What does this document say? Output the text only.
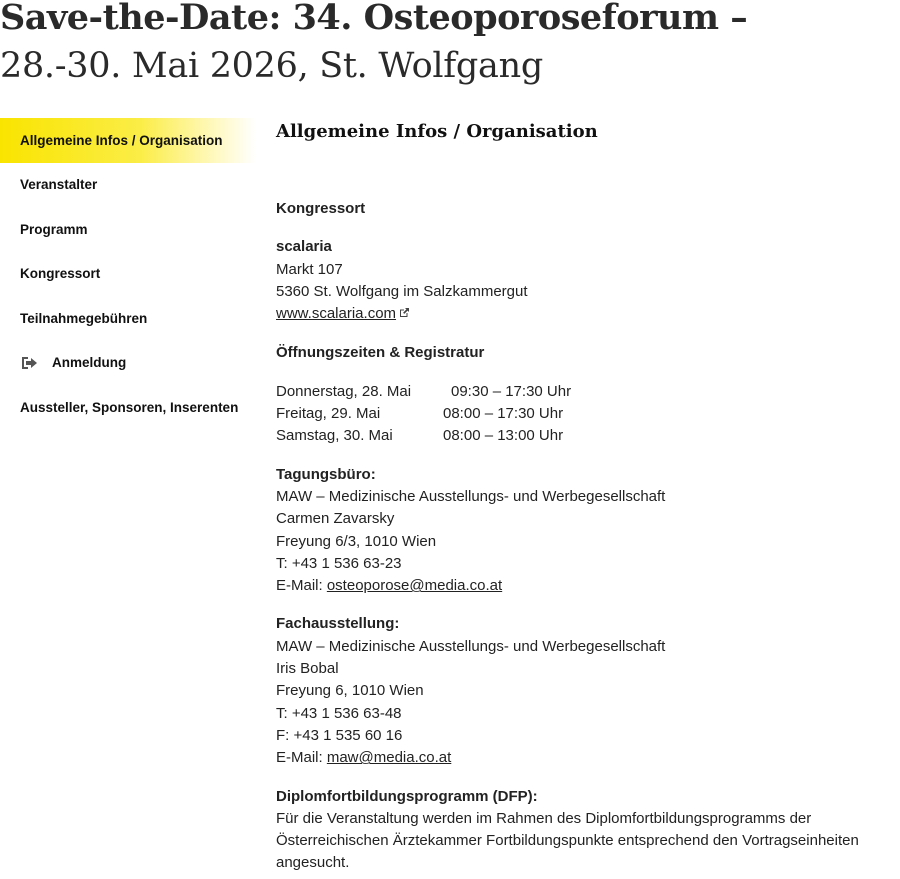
Save-the-Date: 34. Osteoporoseforum –
28.-30. Mai 2026, St. Wolfgang
Allgemeine Infos / Organisation
Veranstalter
Programm
Kongressort
Teilnahmegebühren
Anmeldung
Aussteller, Sponsoren, Inserenten
Allgemeine Infos / Organisation

Kongressort

scalaria
Markt 107
5360 St. Wolfgang im Salzkammergut
www.scalaria.com

Öffnungszeiten & Registratur

Donnerstag, 28. Mai	09:30 – 17:30 Uhr
Freitag, 29. Mai	08:00 – 17:30 Uhr
Samstag, 30. Mai	08:00 – 13:00 Uhr
Tagungsbüro:
MAW – Medizinische Ausstellungs- und Werbegesellschaft
Carmen Zavarsky
Freyung 6/3, 1010 Wien
T: +43 1 536 63-23
E-Mail: osteoporose@media.co.at
Fachausstellung:
MAW – Medizinische Ausstellungs- und Werbegesellschaft
Iris Bobal
Freyung 6, 1010 Wien
T: +43 1 536 63-48
F: +43 1 535 60 16
E-Mail: maw@media.co.at
Diplomfortbildungsprogramm (DFP):
Für die Veranstaltung werden im Rahmen des Diplomfortbildungsprogramms der Österreichischen Ärztekammer Fortbildungspunkte entsprechend den Vortragseinheiten angesucht.
